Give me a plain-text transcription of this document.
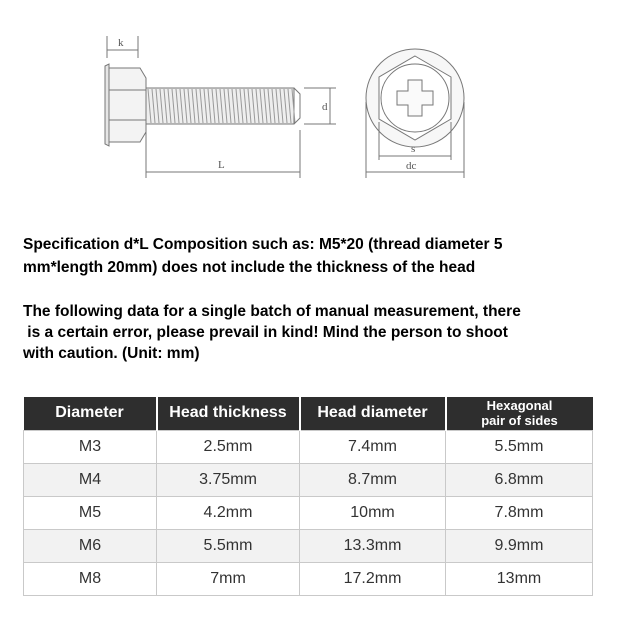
k
d
L
s
dc
Specification d*L Composition such as: M5*20 (thread diameter 5
mm*length 20mm) does not include the thickness of the head
The following data for a single batch of manual measurement, there
is a certain error, please prevail in kind! Mind the person to shoot
with caution. (Unit: mm)
Diameter	Head thickness	Head diameter	Hexagonal
pair of sides

M3	2.5mm	7.4mm	5.5mm
M4	3.75mm	8.7mm	6.8mm
M5	4.2mm	10mm	7.8mm
M6	5.5mm	13.3mm	9.9mm
M8	7mm	17.2mm	13mm
